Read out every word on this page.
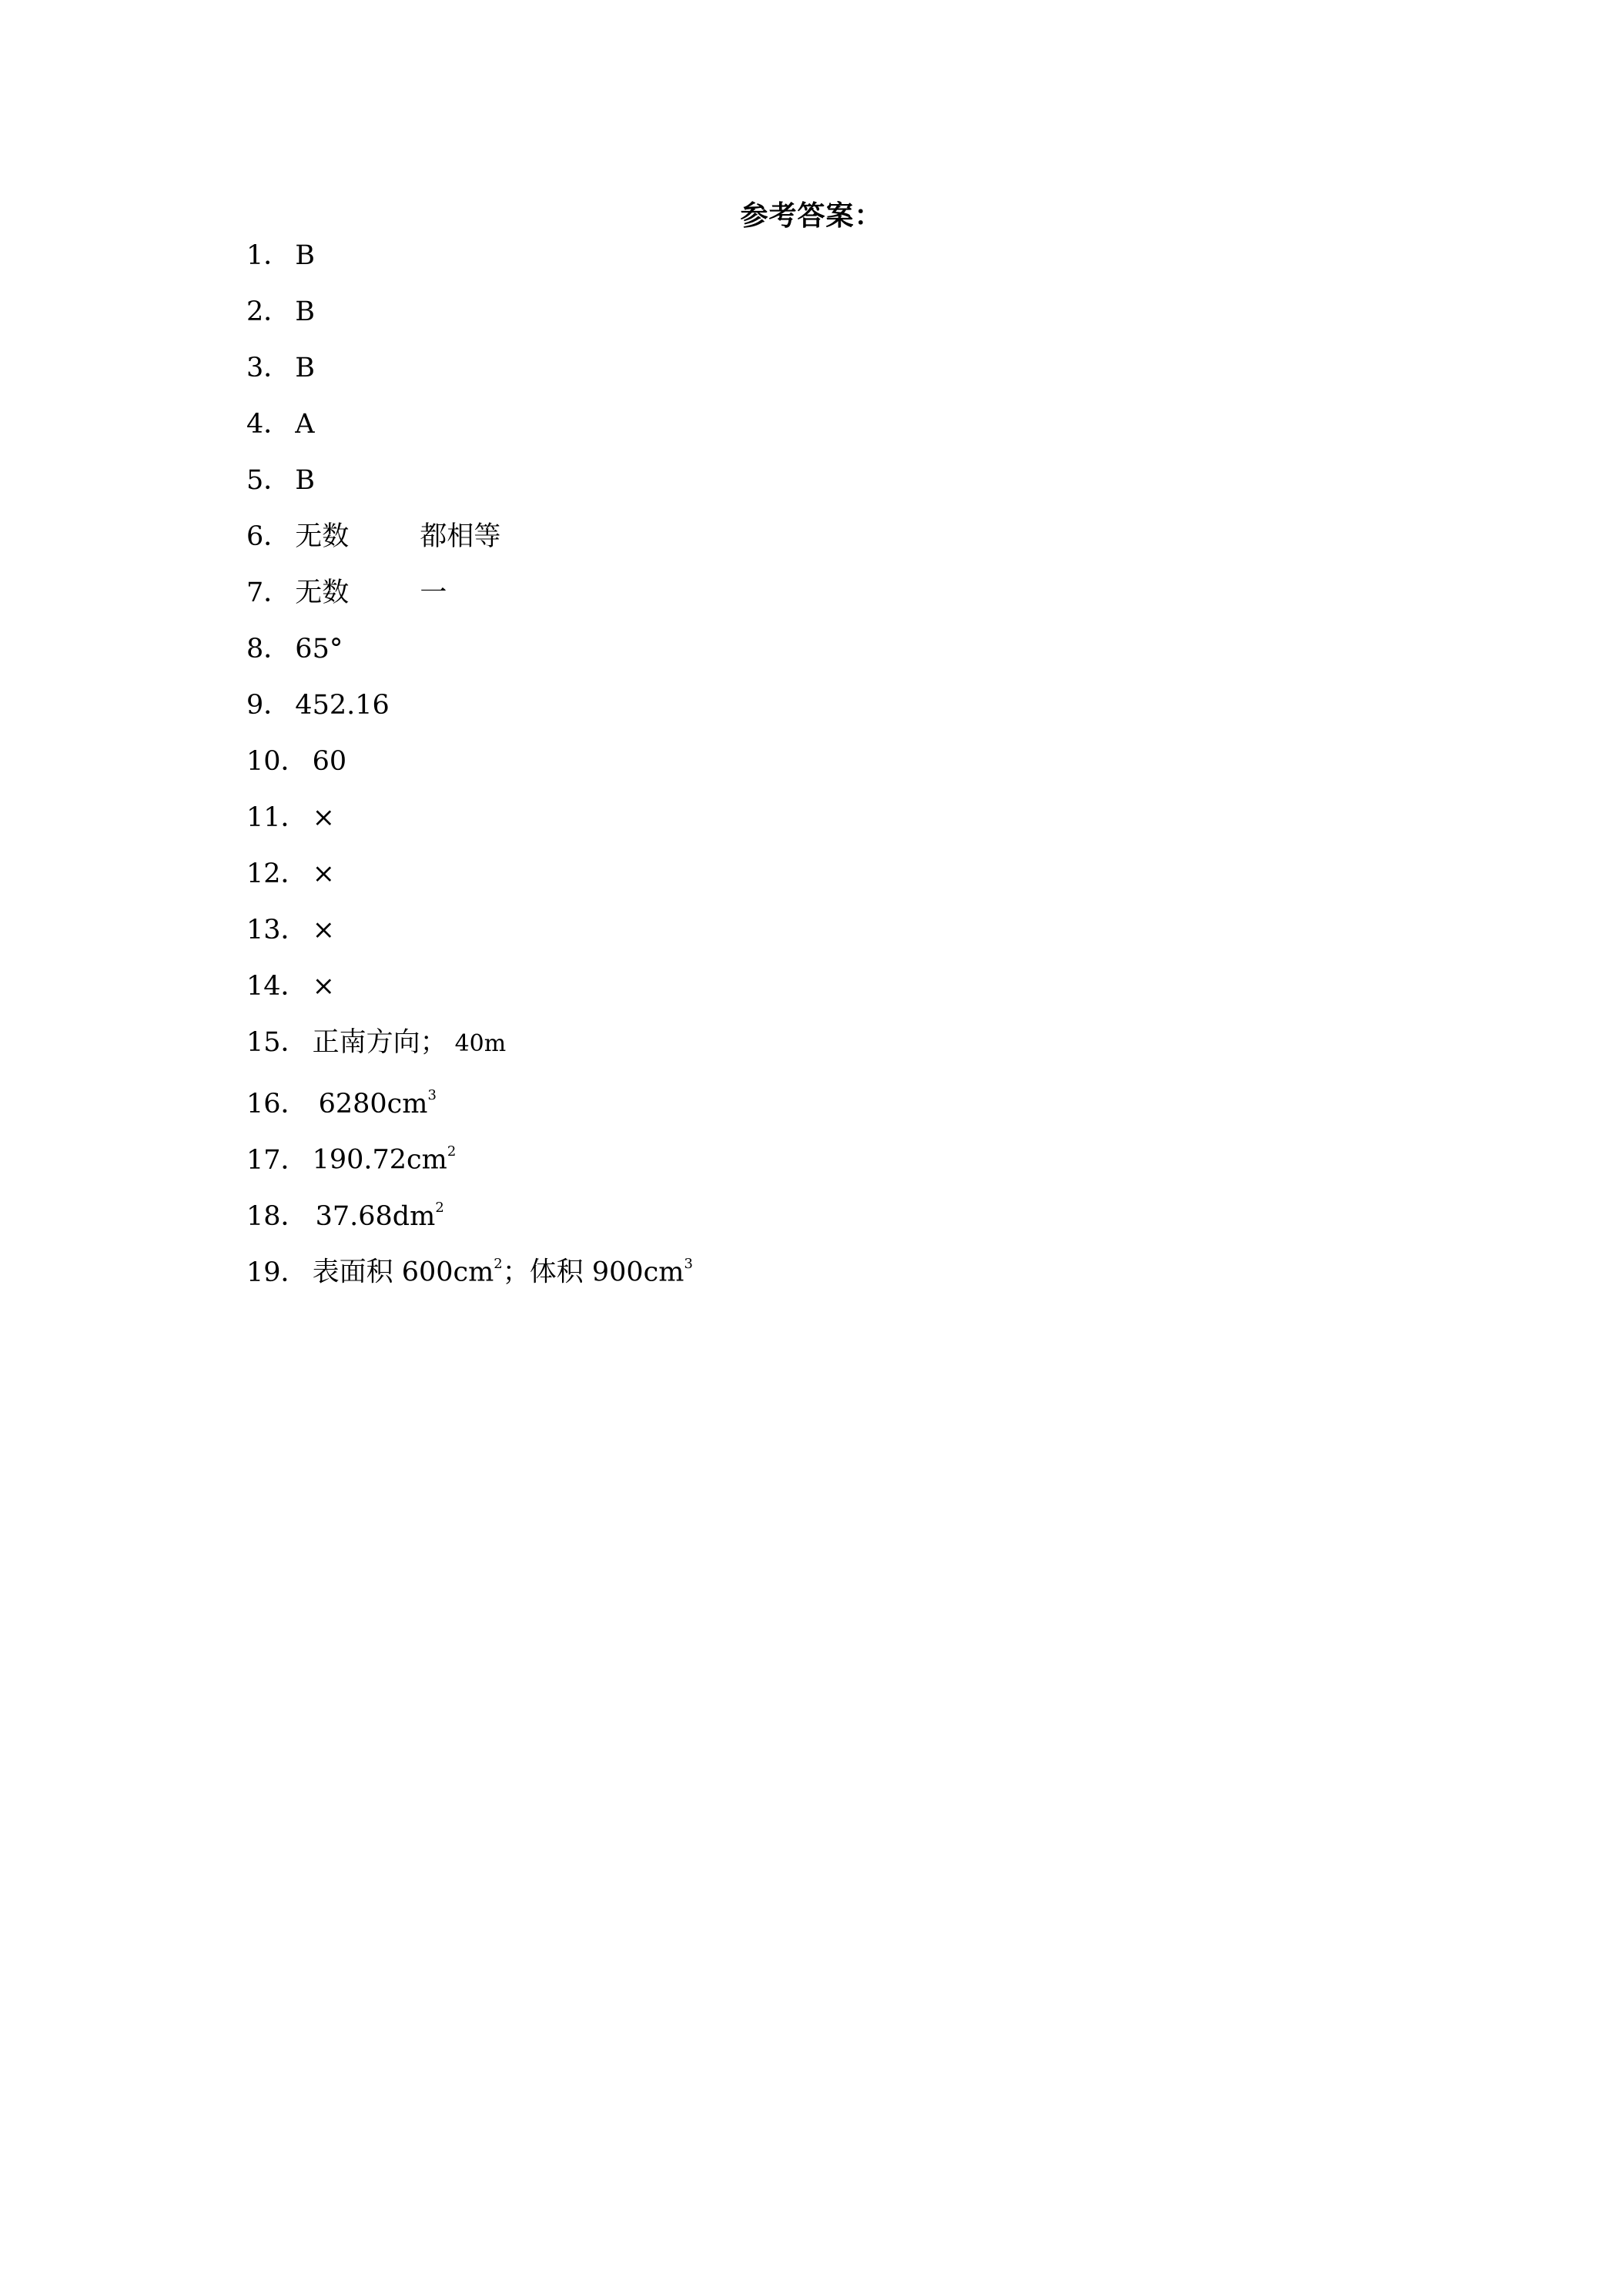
参考答案：
1． B
2． B
3． B
4． A
5． B
6． 无数	都相等
7． 无数	一
8． 65°
9． 452.16
10． 60
11． ×
12． ×
13． ×
14． ×
15． 正南方向； 40m
16． $6280cm^3$
17． $190.72cm^2$
18． $37.68dm^2$
19． 表面积 $600cm^2$；体积 $900cm^3$
